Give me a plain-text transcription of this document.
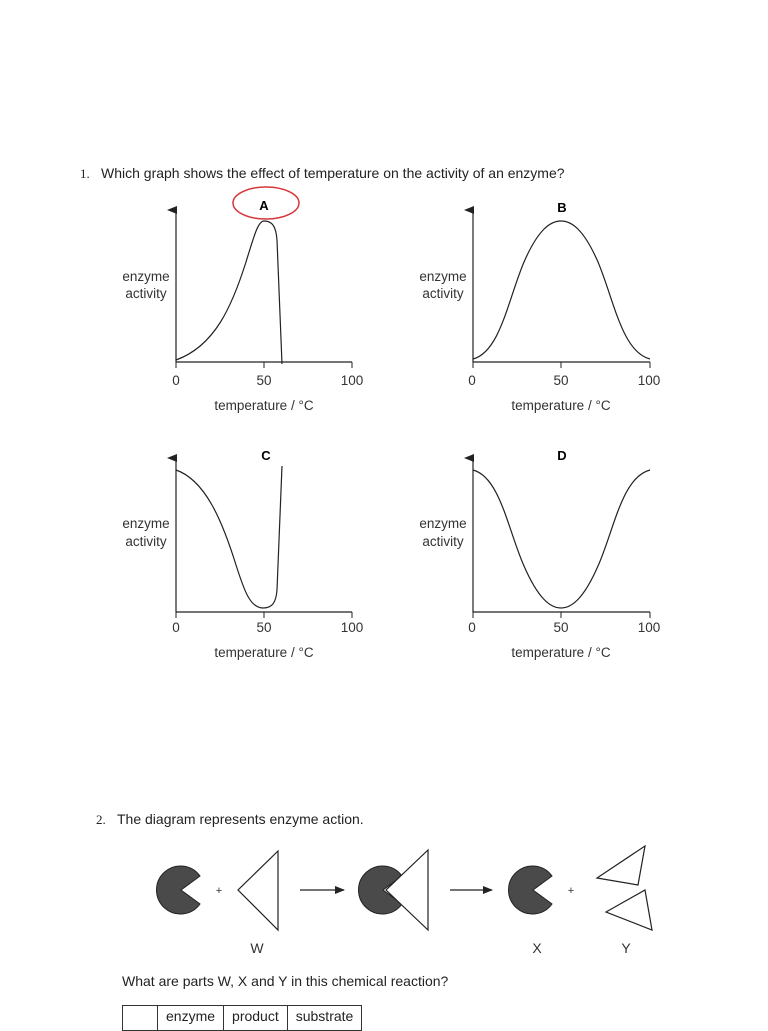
1. Which graph shows the effect of temperature on the activity of an enzyme?
A
enzyme
activity
0	50	100
temperature / °C
B
enzyme
activity
0	50	100
temperature / °C
C
enzyme
activity
0	50	100
temperature / °C
D
enzyme
activity
0	50	100
temperature / °C
2. The diagram represents enzyme action.
+
W
+
X	Y
What are parts W, X and Y in this chemical reaction?
	enzyme	product	substrate
